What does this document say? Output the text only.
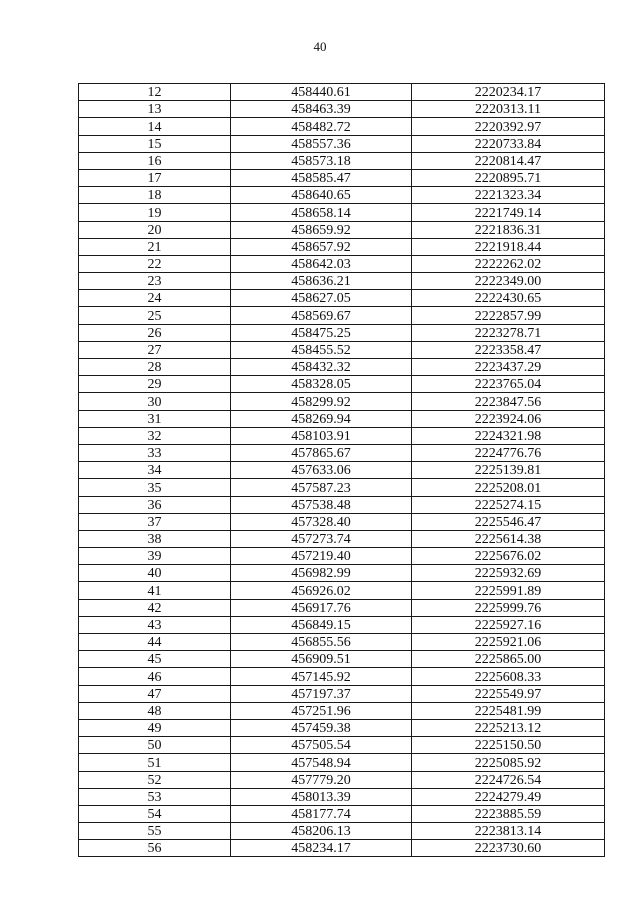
40
12	458440.61	2220234.17
13	458463.39	2220313.11
14	458482.72	2220392.97
15	458557.36	2220733.84
16	458573.18	2220814.47
17	458585.47	2220895.71
18	458640.65	2221323.34
19	458658.14	2221749.14
20	458659.92	2221836.31
21	458657.92	2221918.44
22	458642.03	2222262.02
23	458636.21	2222349.00
24	458627.05	2222430.65
25	458569.67	2222857.99
26	458475.25	2223278.71
27	458455.52	2223358.47
28	458432.32	2223437.29
29	458328.05	2223765.04
30	458299.92	2223847.56
31	458269.94	2223924.06
32	458103.91	2224321.98
33	457865.67	2224776.76
34	457633.06	2225139.81
35	457587.23	2225208.01
36	457538.48	2225274.15
37	457328.40	2225546.47
38	457273.74	2225614.38
39	457219.40	2225676.02
40	456982.99	2225932.69
41	456926.02	2225991.89
42	456917.76	2225999.76
43	456849.15	2225927.16
44	456855.56	2225921.06
45	456909.51	2225865.00
46	457145.92	2225608.33
47	457197.37	2225549.97
48	457251.96	2225481.99
49	457459.38	2225213.12
50	457505.54	2225150.50
51	457548.94	2225085.92
52	457779.20	2224726.54
53	458013.39	2224279.49
54	458177.74	2223885.59
55	458206.13	2223813.14
56	458234.17	2223730.60
